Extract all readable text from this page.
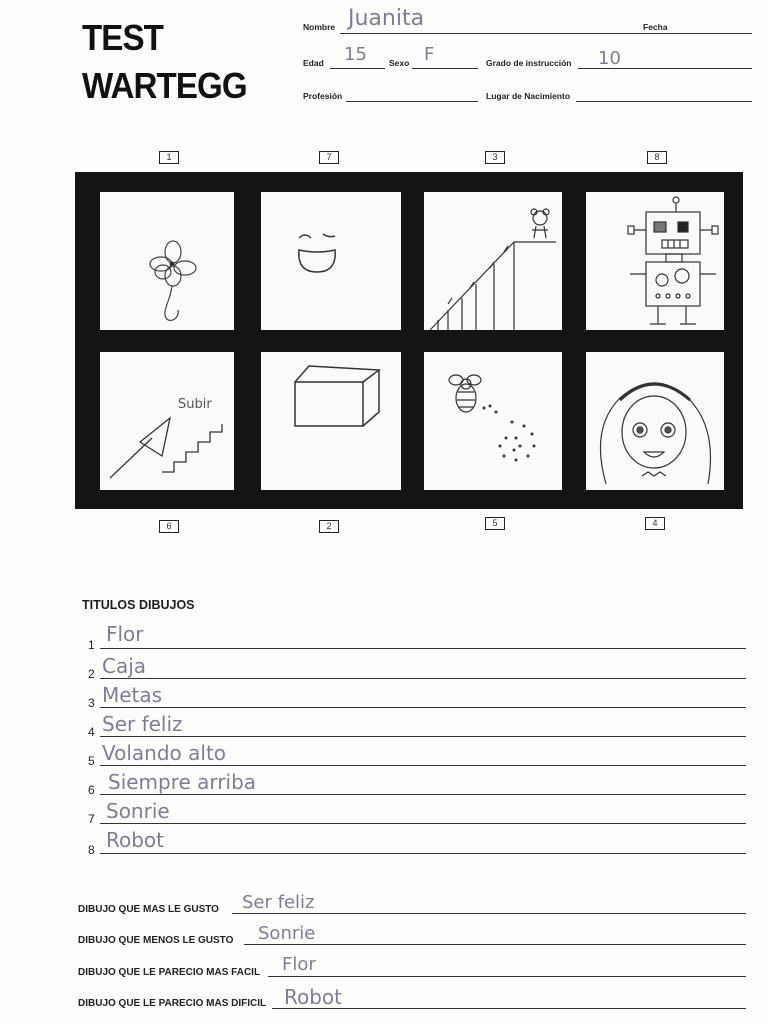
TEST
WARTEGG
Nombre Juanita	Fecha
Edad 15	Sexo F	Grado de instrucción 10
Profesión	Lugar de Nacimiento
1	7	3	8
Subir
6	2	5	4
TITULOS DIBUJOS
1 Flor
2 Caja
3 Metas
4 Ser feliz
5 Volando alto
6 Siempre arriba
7 Sonrie
8 Robot
DIBUJO QUE MAS LE GUSTO Ser feliz
DIBUJO QUE MENOS LE GUSTO Sonrie
DIBUJO QUE LE PARECIO MAS FACIL Flor
DIBUJO QUE LE PARECIO MAS DIFICIL Robot
